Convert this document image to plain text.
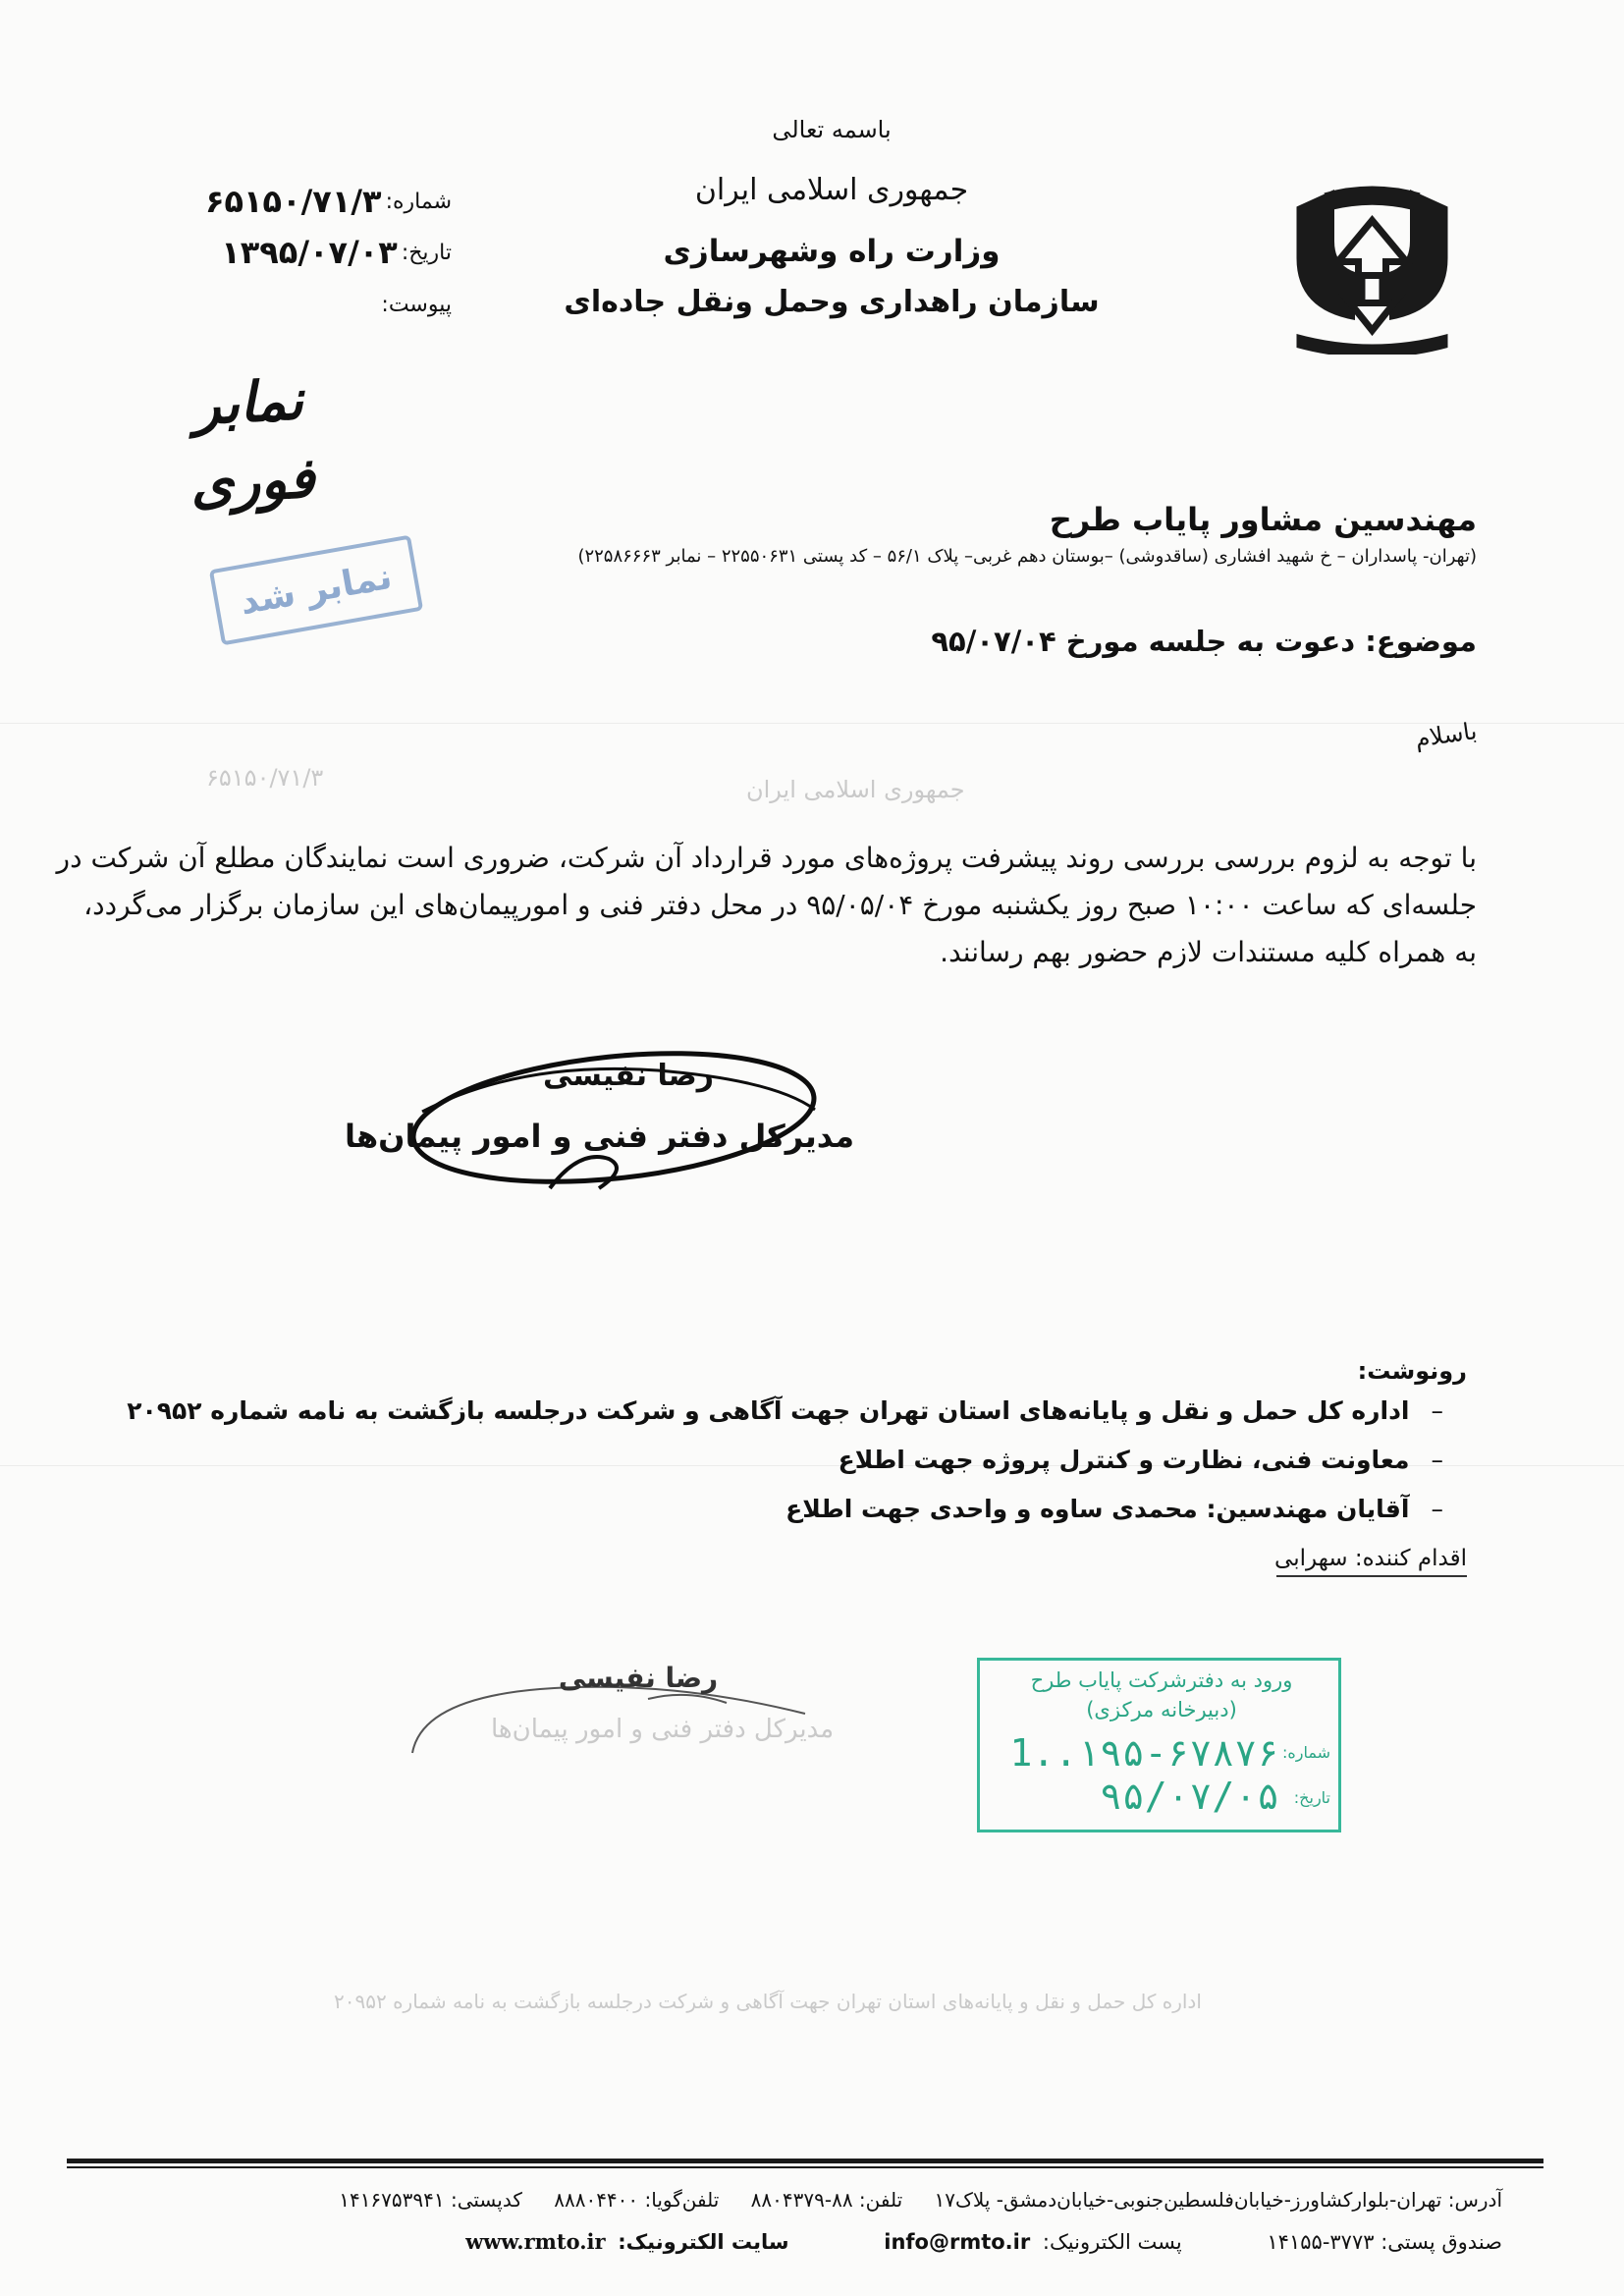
جمهوری اسلامی ایران
۶۵۱۵۰/۷۱/۳
اداره کل حمل و نقل و پایانه‌های استان تهران جهت آگاهی و شرکت درجلسه بازگشت به نامه شماره ۲۰۹۵۲
باسمه تعالی
جمهوری اسلامی ایران
وزارت راه وشهرسازی
سازمان راهداری وحمل ونقل جاده‌ای
شماره:۶۵۱۵۰/۷۱/۳
تاریخ:۱۳۹۵/۰۷/۰۳
پیوست:
نمابر فوری
نمابر شد
مهندسین مشاور پایاب طرح
(تهران- پاسداران – خ شهید افشاری (ساقدوشی) –بوستان دهم غربی– پلاک ۵۶/۱ – کد پستی ۲۲۵۵۰۶۳۱ – نمابر ۲۲۵۸۶۶۶۳)
موضوع: دعوت به جلسه مورخ ۹۵/۰۷/۰۴
باسلام
با توجه به لزوم بررسی بررسی روند پیشرفت پروژه‌های مورد قرارداد آن شرکت، ضروری است نمایندگان مطلع آن شرکت در
جلسه‌ای که ساعت ۱۰:۰۰ صبح روز یکشنبه مورخ ۹۵/۰۵/۰۴ در محل دفتر فنی و امورپیمان‌های این سازمان برگزار می‌گردد،
به همراه کلیه مستندات لازم حضور بهم رسانند.
رضا نفیسی
مدیرکل دفتر فنی و امور پیمان‌ها
رونوشت:
–اداره کل حمل و نقل و پایانه‌های استان تهران جهت آگاهی و شرکت درجلسه بازگشت به نامه شماره ۲۰۹۵۲
–معاونت فنی، نظارت و کنترل پروژه جهت اطلاع
–آقایان مهندسین: محمدی ساوه و واحدی جهت اطلاع
اقدام کننده: سهرابی
رضا نفیسی
مدیرکل دفتر فنی و امور پیمان‌ها
ورود به دفترشرکت پایاب طرح
(دبیرخانه مرکزی)
شماره:
1..۱۹۵-۶۷۸۷۶
تاریخ:
۹۵/۰۷/۰۵
آدرس: تهران-بلوارکشاورز-خیابان‌فلسطین‌جنوبی-خیابان‌دمشق- پلاک۱۷ تلفن: ۸۸-۸۸۰۴۳۷۹ تلفن‌گویا: ۸۸۸۰۴۴۰۰ کدپستی: ۱۴۱۶۷۵۳۹۴۱
صندوق پستی: ۳۷۷۳-۱۴۱۵۵ پست الکترونیک: info@rmto.ir سایت الکترونیک: www.rmto.ir
